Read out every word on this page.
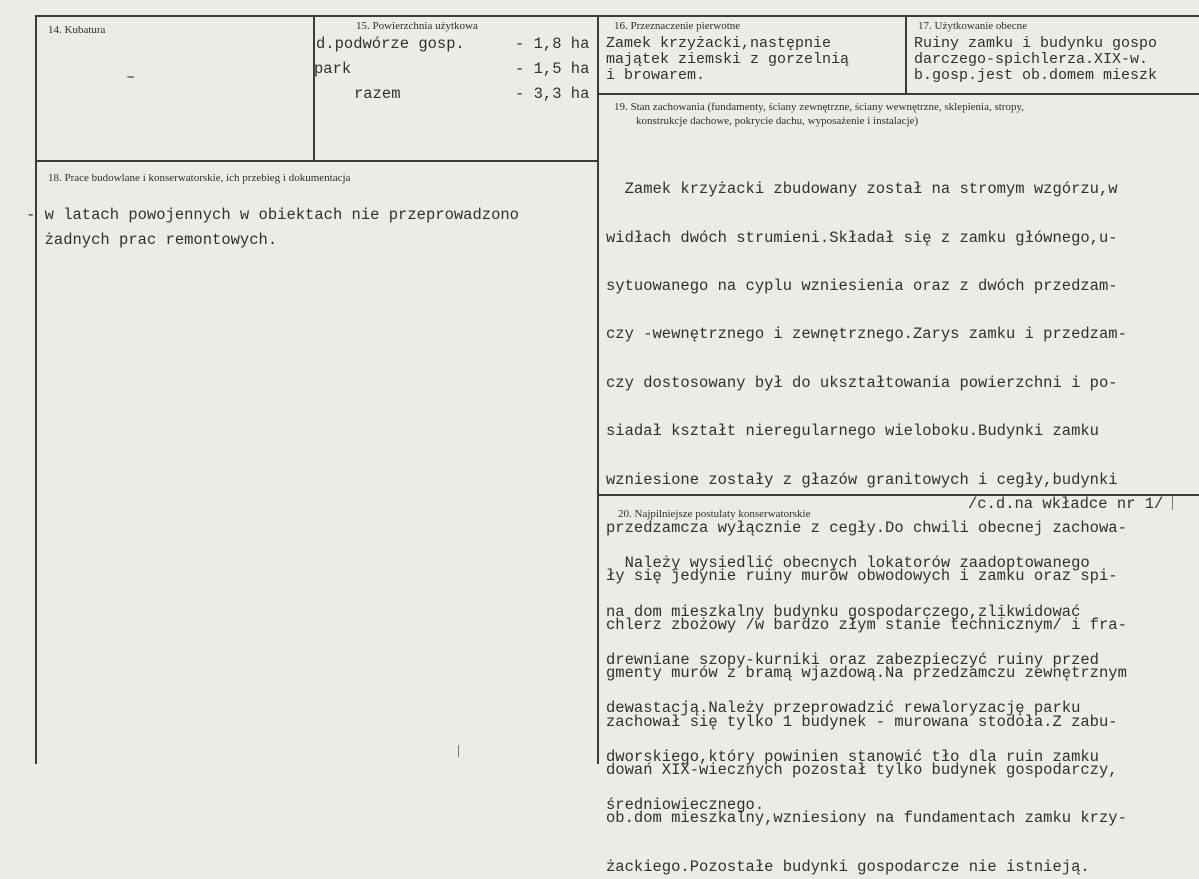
14. Kubatura
–
15. Powierzchnia użytkowa
d.podwórze gosp.	- 1,8 ha
park	- 1,5 ha
razem	- 3,3 ha
16. Przeznaczenie pierwotne
Zamek krzyżacki,następnie
majątek ziemski z gorzelnią
i browarem.
17. Użytkowanie obecne
Ruiny zamku i budynku gospo
darczego-spichlerza.XIX-w.
b.gosp.jest ob.domem mieszk
18. Prace budowlane i konserwatorskie, ich przebieg i dokumentacja
- w latach powojennych w obiektach nie przeprowadzono
żadnych prac remontowych.
19. Stan zachowania (fundamenty, ściany zewnętrzne, ściany wewnętrzne, sklepienia, stropy,
konstrukcje dachowe, pokrycie dachu, wyposażenie i instalacje)

Zamek krzyżacki zbudowany został na stromym wzgórzu,w

widłach dwóch strumieni.Składał się z zamku głównego,u-

sytuowanego na cyplu wzniesienia oraz z dwóch przedzam-

czy -wewnętrznego i zewnętrznego.Zarys zamku i przedzam-

czy dostosowany był do ukształtowania powierzchni i po-

siadał kształt nieregularnego wieloboku.Budynki zamku

wzniesione zostały z głazów granitowych i cegły,budynki

przedzamcza wyłącznie z cegły.Do chwili obecnej zachowa-

ły się jedynie ruiny murów obwodowych i zamku oraz spi-

chlerz zbożowy /w bardzo złym stanie technicznym/ i fra-

gmenty murów z bramą wjazdową.Na przedzamczu zewnętrznym

zachował się tylko 1 budynek - murowana stodoła.Z zabu-

dowań XIX-wiecznych pozostał tylko budynek gospodarczy,

ob.dom mieszkalny,wzniesiony na fundamentach zamku krzy-

żackiego.Pozostałe budynki gospodarcze nie istnieją.
/c.d.na wkładce nr 1/
20. Najpilniejsze postulaty konserwatorskie

Należy wysiedlić obecnych lokatorów zaadoptowanego

na dom mieszkalny budynku gospodarczego,zlikwidować

drewniane szopy-kurniki oraz zabezpieczyć ruiny przed

dewastacją.Należy przeprowadzić rewaloryzację parku

dworskiego,który powinien stanowić tło dla ruin zamku

średniowiecznego.
